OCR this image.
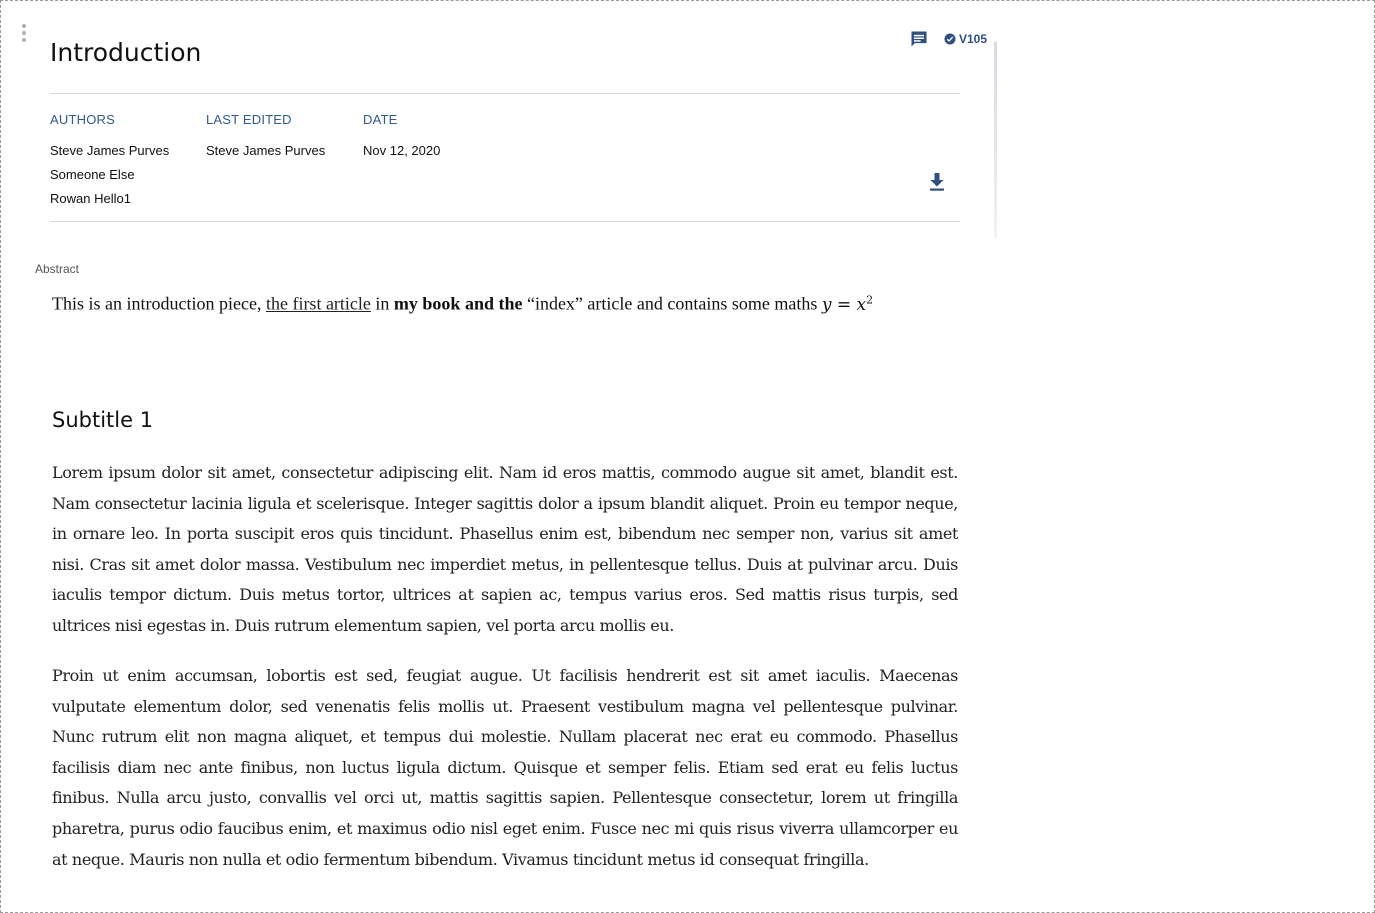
Introduction	V105
AUTHORS
Steve James Purves
Someone Else
Rowan Hello1
LAST EDITED
Steve James Purves
DATE
Nov 12, 2020
Abstract

This is an introduction piece, the first article in my book and the “index” article and contains some maths $y = x^2$

Subtitle 1

Lorem ipsum dolor sit amet, consectetur adipiscing elit. Nam id eros mattis, commodo augue sit amet, blandit est. Nam consectetur lacinia ligula et scelerisque. Integer sagittis dolor a ipsum blandit aliquet. Proin eu tempor neque, in ornare leo. In porta suscipit eros quis tincidunt. Phasellus enim est, bibendum nec semper non, varius sit amet nisi. Cras sit amet dolor massa. Vestibulum nec imperdiet metus, in pellentesque tellus. Duis at pulvinar arcu. Duis iaculis tempor dictum. Duis metus tortor, ultrices at sapien ac, tempus varius eros. Sed mattis risus turpis, sed ultrices nisi egestas in. Duis rutrum elementum sapien, vel porta arcu mollis eu.

Proin ut enim accumsan, lobortis est sed, feugiat augue. Ut facilisis hendrerit est sit amet iaculis. Maecenas vulputate elementum dolor, sed venenatis felis mollis ut. Praesent vestibulum magna vel pellentesque pulvinar. Nunc rutrum elit non magna aliquet, et tempus dui molestie. Nullam placerat nec erat eu commodo. Phasellus facilisis diam nec ante finibus, non luctus ligula dictum. Quisque et semper felis. Etiam sed erat eu felis luctus finibus. Nulla arcu justo, convallis vel orci ut, mattis sagittis sapien. Pellentesque consectetur, lorem ut fringilla pharetra, purus odio faucibus enim, et maximus odio nisl eget enim. Fusce nec mi quis risus viverra ullamcorper eu at neque. Mauris non nulla et odio fermentum bibendum. Vivamus tincidunt metus id consequat fringilla.
